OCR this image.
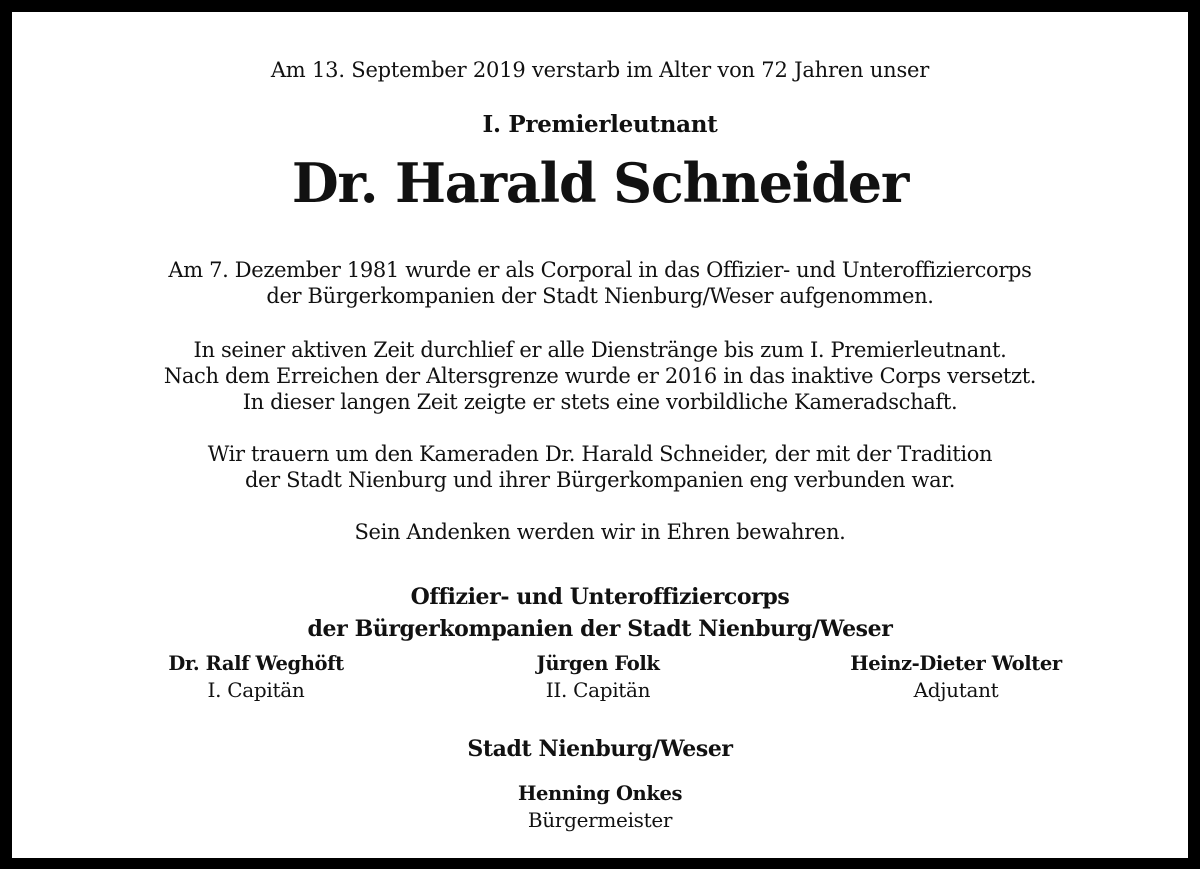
Am 13. September 2019 verstarb im Alter von 72 Jahren unser
I. Premierleutnant
Dr. Harald Schneider
Am 7. Dezember 1981 wurde er als Corporal in das Offizier- und Unteroffiziercorps
der Bürgerkompanien der Stadt Nienburg/Weser aufgenommen.
In seiner aktiven Zeit durchlief er alle Dienstränge bis zum I. Premierleutnant.
Nach dem Erreichen der Altersgrenze wurde er 2016 in das inaktive Corps versetzt.
In dieser langen Zeit zeigte er stets eine vorbildliche Kameradschaft.
Wir trauern um den Kameraden Dr. Harald Schneider, der mit der Tradition
der Stadt Nienburg und ihrer Bürgerkompanien eng verbunden war.
Sein Andenken werden wir in Ehren bewahren.
Offizier- und Unteroffiziercorps
der Bürgerkompanien der Stadt Nienburg/Weser
Dr. Ralf Weghöft
I. Capitän
Jürgen Folk
II. Capitän
Heinz-Dieter Wolter
Adjutant
Stadt Nienburg/Weser
Henning Onkes
Bürgermeister
